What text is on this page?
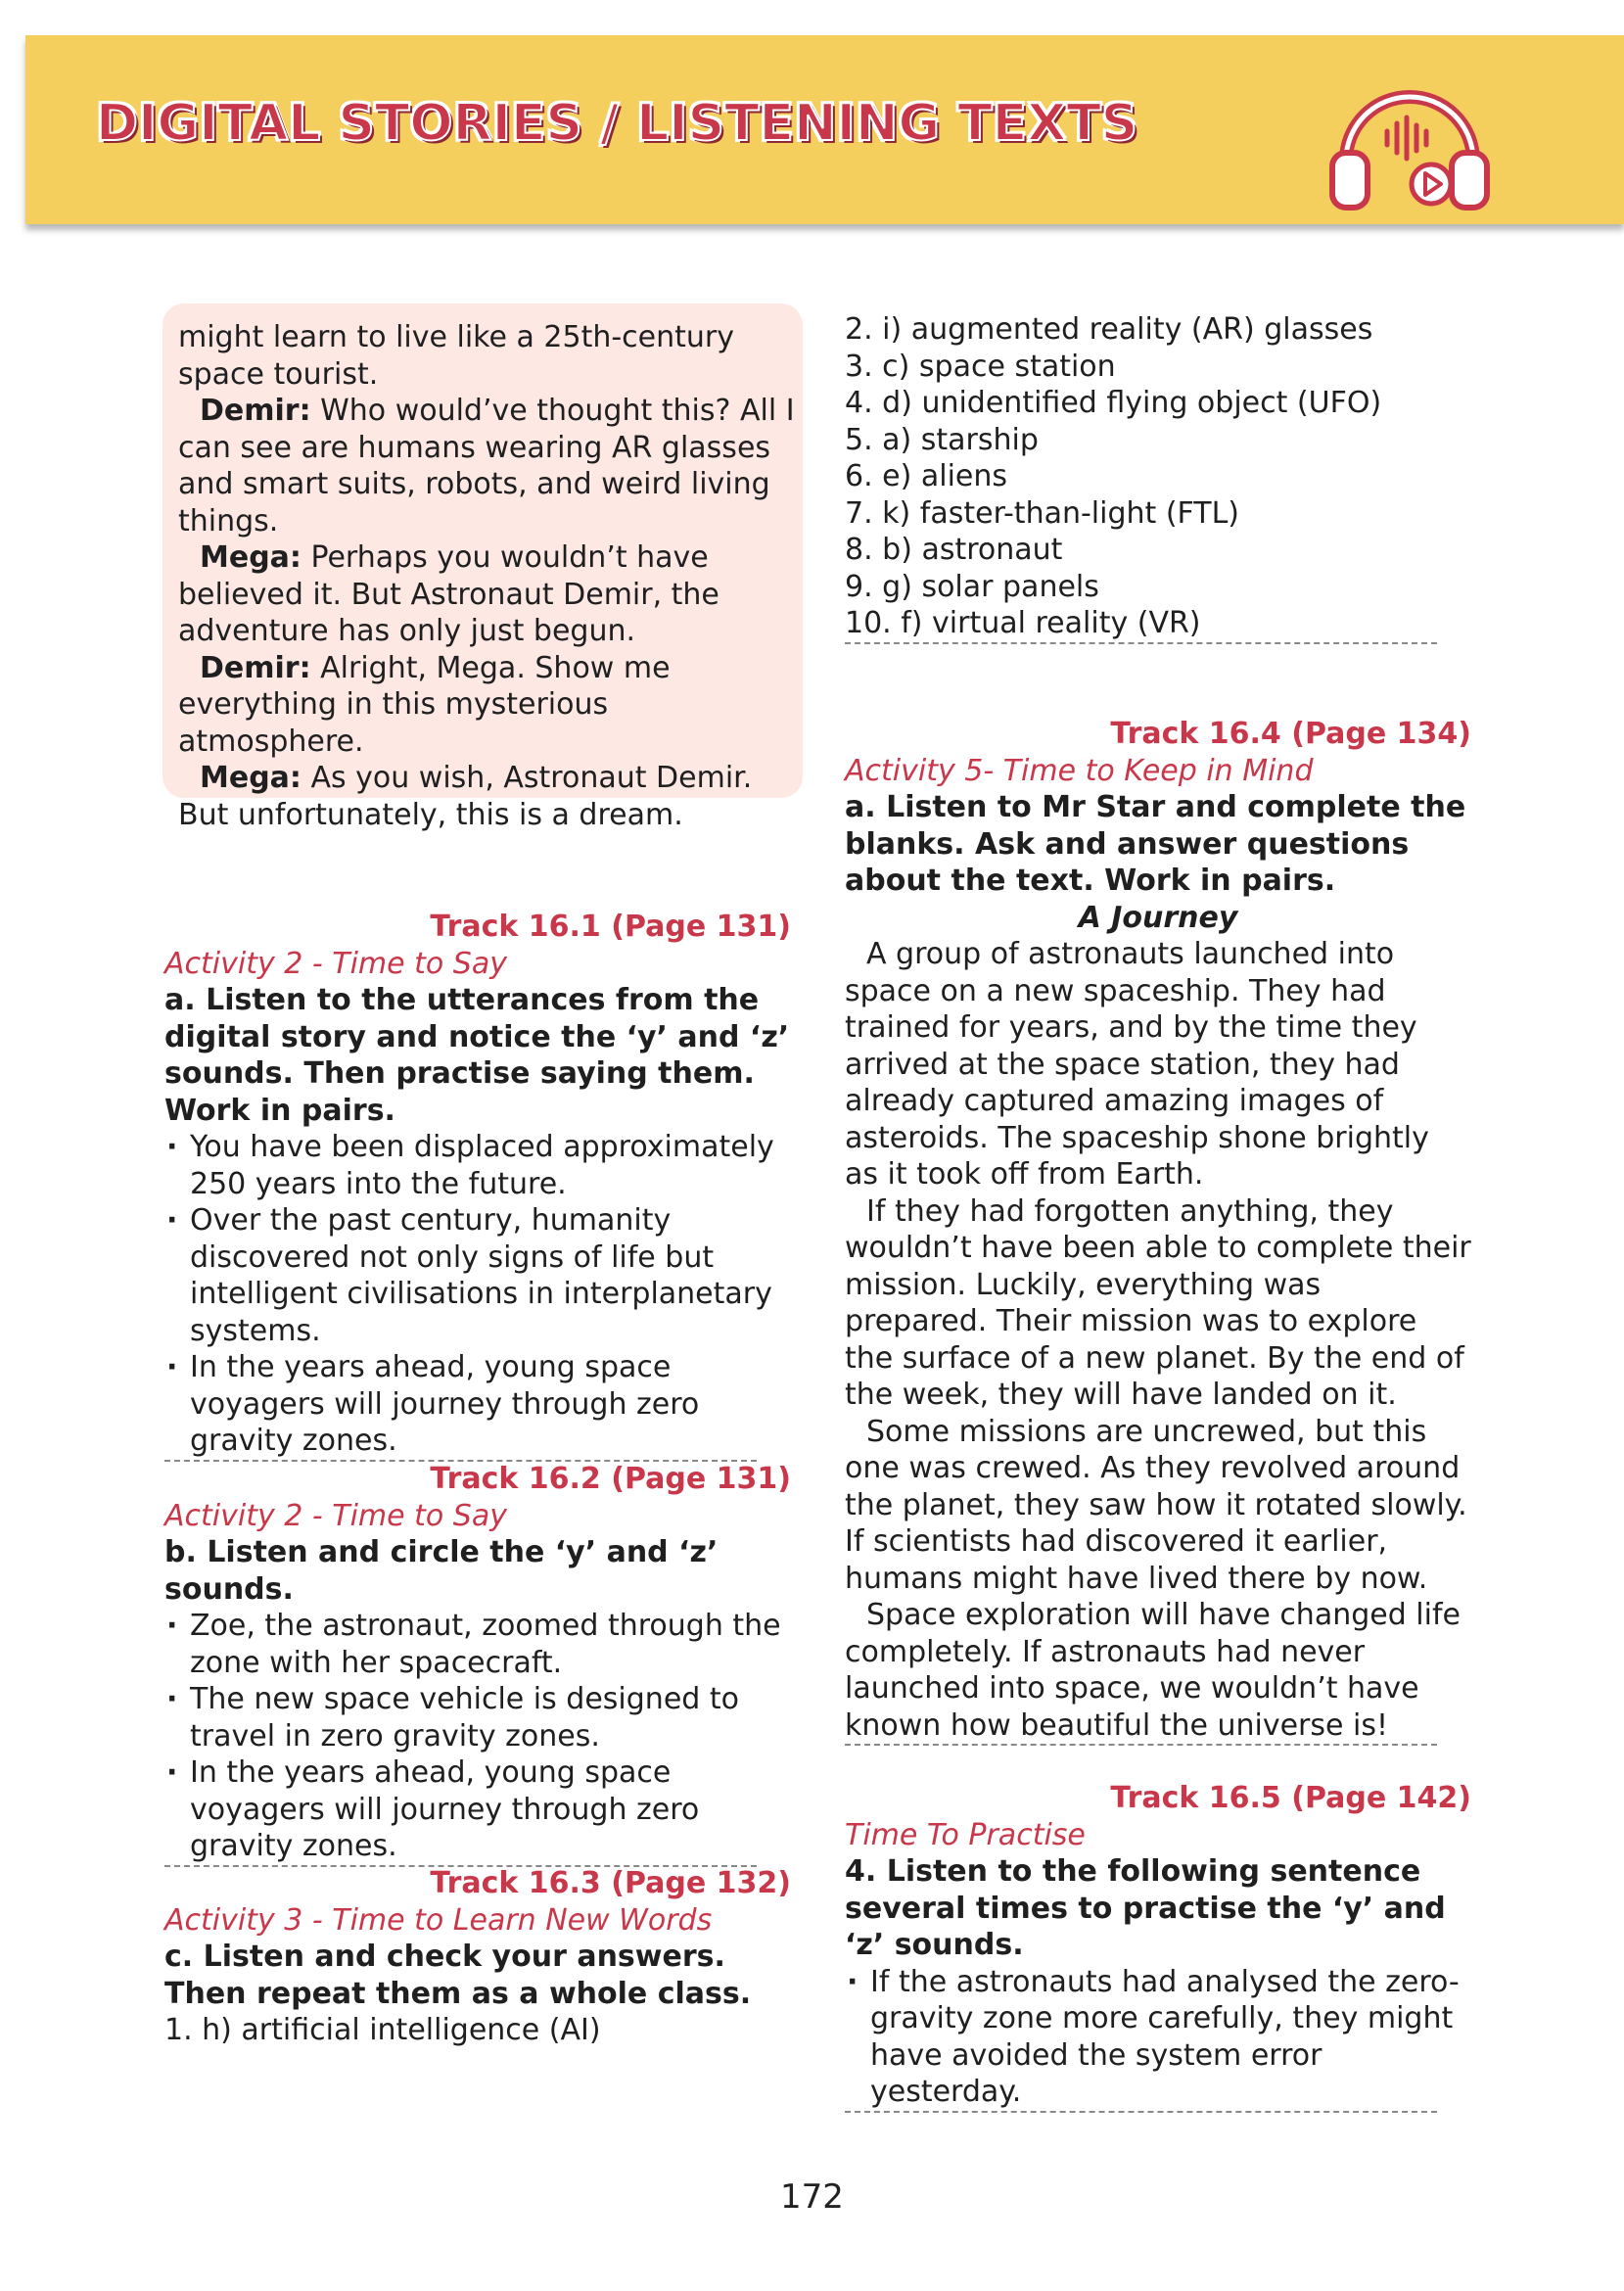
DIGITAL STORIES / LISTENING TEXTS

might learn to live like a 25th-century space tourist.

Demir: Who would’ve thought this? All I can see are humans wearing AR glasses and smart suits, robots, and weird living things.

Mega: Perhaps you wouldn’t have believed it. But Astronaut Demir, the adventure has only just begun.

Demir: Alright, Mega. Show me everything in this mysterious atmosphere.

Mega: As you wish, Astronaut Demir. But unfortunately, this is a dream.

Track 16.1 (Page 131)
Activity 2 - Time to Say
a. Listen to the utterances from the digital story and notice the ‘y’ and ‘z’ sounds. Then practise saying them. Work in pairs.
· You have been displaced approximately 250 years into the future.
· Over the past century, humanity discovered not only signs of life but intelligent civilisations in interplanetary systems.
· In the years ahead, young space voyagers will journey through zero gravity zones.
Track 16.2 (Page 131)
Activity 2 - Time to Say
b. Listen and circle the ‘y’ and ‘z’ sounds.
· Zoe, the astronaut, zoomed through the zone with her spacecraft.
· The new space vehicle is designed to travel in zero gravity zones.
· In the years ahead, young space voyagers will journey through zero gravity zones.
Track 16.3 (Page 132)
Activity 3 - Time to Learn New Words
c. Listen and check your answers. Then repeat them as a whole class.
1. h) artificial intelligence (AI)
2. i) augmented reality (AR) glasses
3. c) space station
4. d) unidentified flying object (UFO)
5. a) starship
6. e) aliens
7. k) faster-than-light (FTL)
8. b) astronaut
9. g) solar panels
10. f) virtual reality (VR)
Track 16.4 (Page 134)
Activity 5- Time to Keep in Mind
a. Listen to Mr Star and complete the blanks. Ask and answer questions about the text. Work in pairs.
A Journey

A group of astronauts launched into space on a new spaceship. They had trained for years, and by the time they arrived at the space station, they had already captured amazing images of asteroids. The spaceship shone brightly as it took off from Earth.

If they had forgotten anything, they wouldn’t have been able to complete their mission. Luckily, everything was prepared. Their mission was to explore the surface of a new planet. By the end of the week, they will have landed on it.

Some missions are uncrewed, but this one was crewed. As they revolved around the planet, they saw how it rotated slowly. If scientists had discovered it earlier, humans might have lived there by now.

Space exploration will have changed life completely. If astronauts had never launched into space, we wouldn’t have known how beautiful the universe is!

Track 16.5 (Page 142)
Time To Practise
4. Listen to the following sentence several times to practise the ‘y’ and ‘z’ sounds.
· If the astronauts had analysed the zero-gravity zone more carefully, they might have avoided the system error yesterday.
172
